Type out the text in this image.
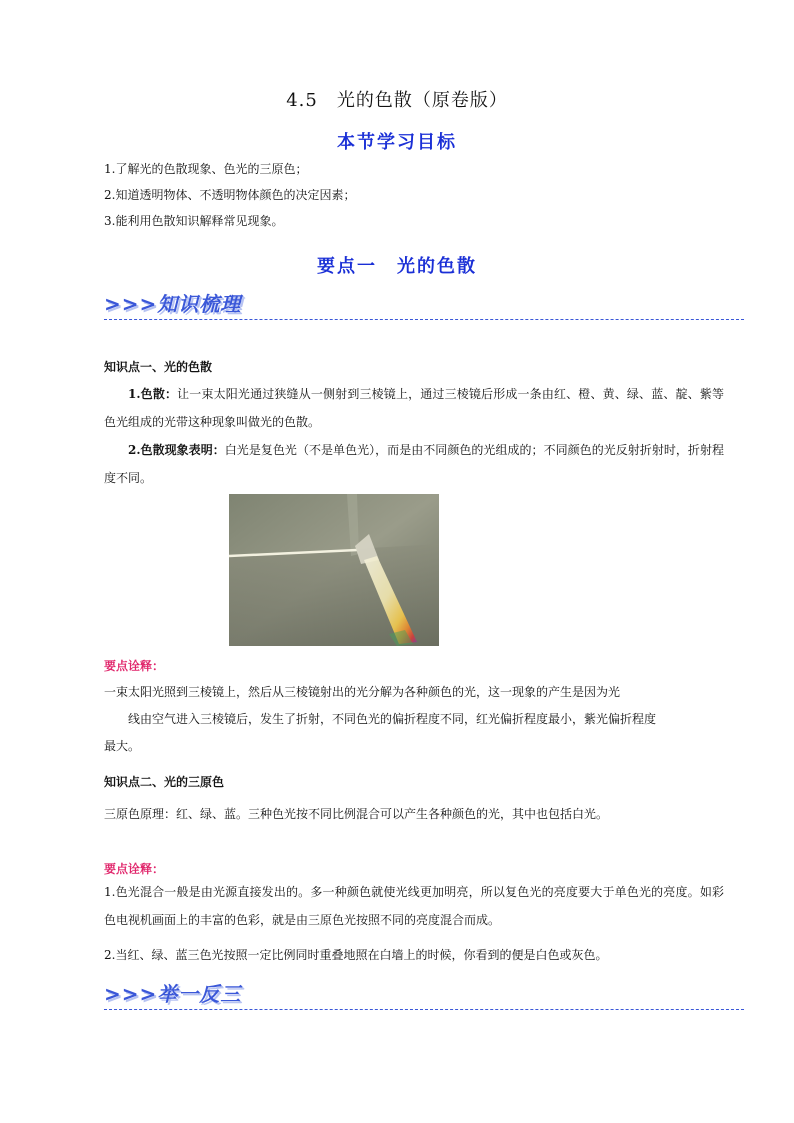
4.5　光的色散（原卷版）
本节学习目标
1.了解光的色散现象、色光的三原色；
2.知道透明物体、不透明物体颜色的决定因素；
3.能利用色散知识解释常见现象。
要点一　光的色散
>>>知识梳理
知识点一、光的色散
1.色散：让一束太阳光通过狭缝从一侧射到三棱镜上，通过三棱镜后形成一条由红、橙、黄、绿、蓝、靛、紫等色光组成的光带这种现象叫做光的色散。
2.色散现象表明：白光是复色光（不是单色光），而是由不同颜色的光组成的；不同颜色的光反射折射时，折射程度不同。
要点诠释：
一束太阳光照到三棱镜上，然后从三棱镜射出的光分解为各种颜色的光，这一现象的产生是因为光
线由空气进入三棱镜后，发生了折射，不同色光的偏折程度不同，红光偏折程度最小，紫光偏折程度
最大。
知识点二、光的三原色
三原色原理：红、绿、蓝。三种色光按不同比例混合可以产生各种颜色的光，其中也包括白光。
要点诠释：
1.色光混合一般是由光源直接发出的。多一种颜色就使光线更加明亮，所以复色光的亮度要大于单色光的亮度。如彩色电视机画面上的丰富的色彩，就是由三原色光按照不同的亮度混合而成。
2.当红、绿、蓝三色光按照一定比例同时重叠地照在白墙上的时候，你看到的便是白色或灰色。
>>>举一反三
